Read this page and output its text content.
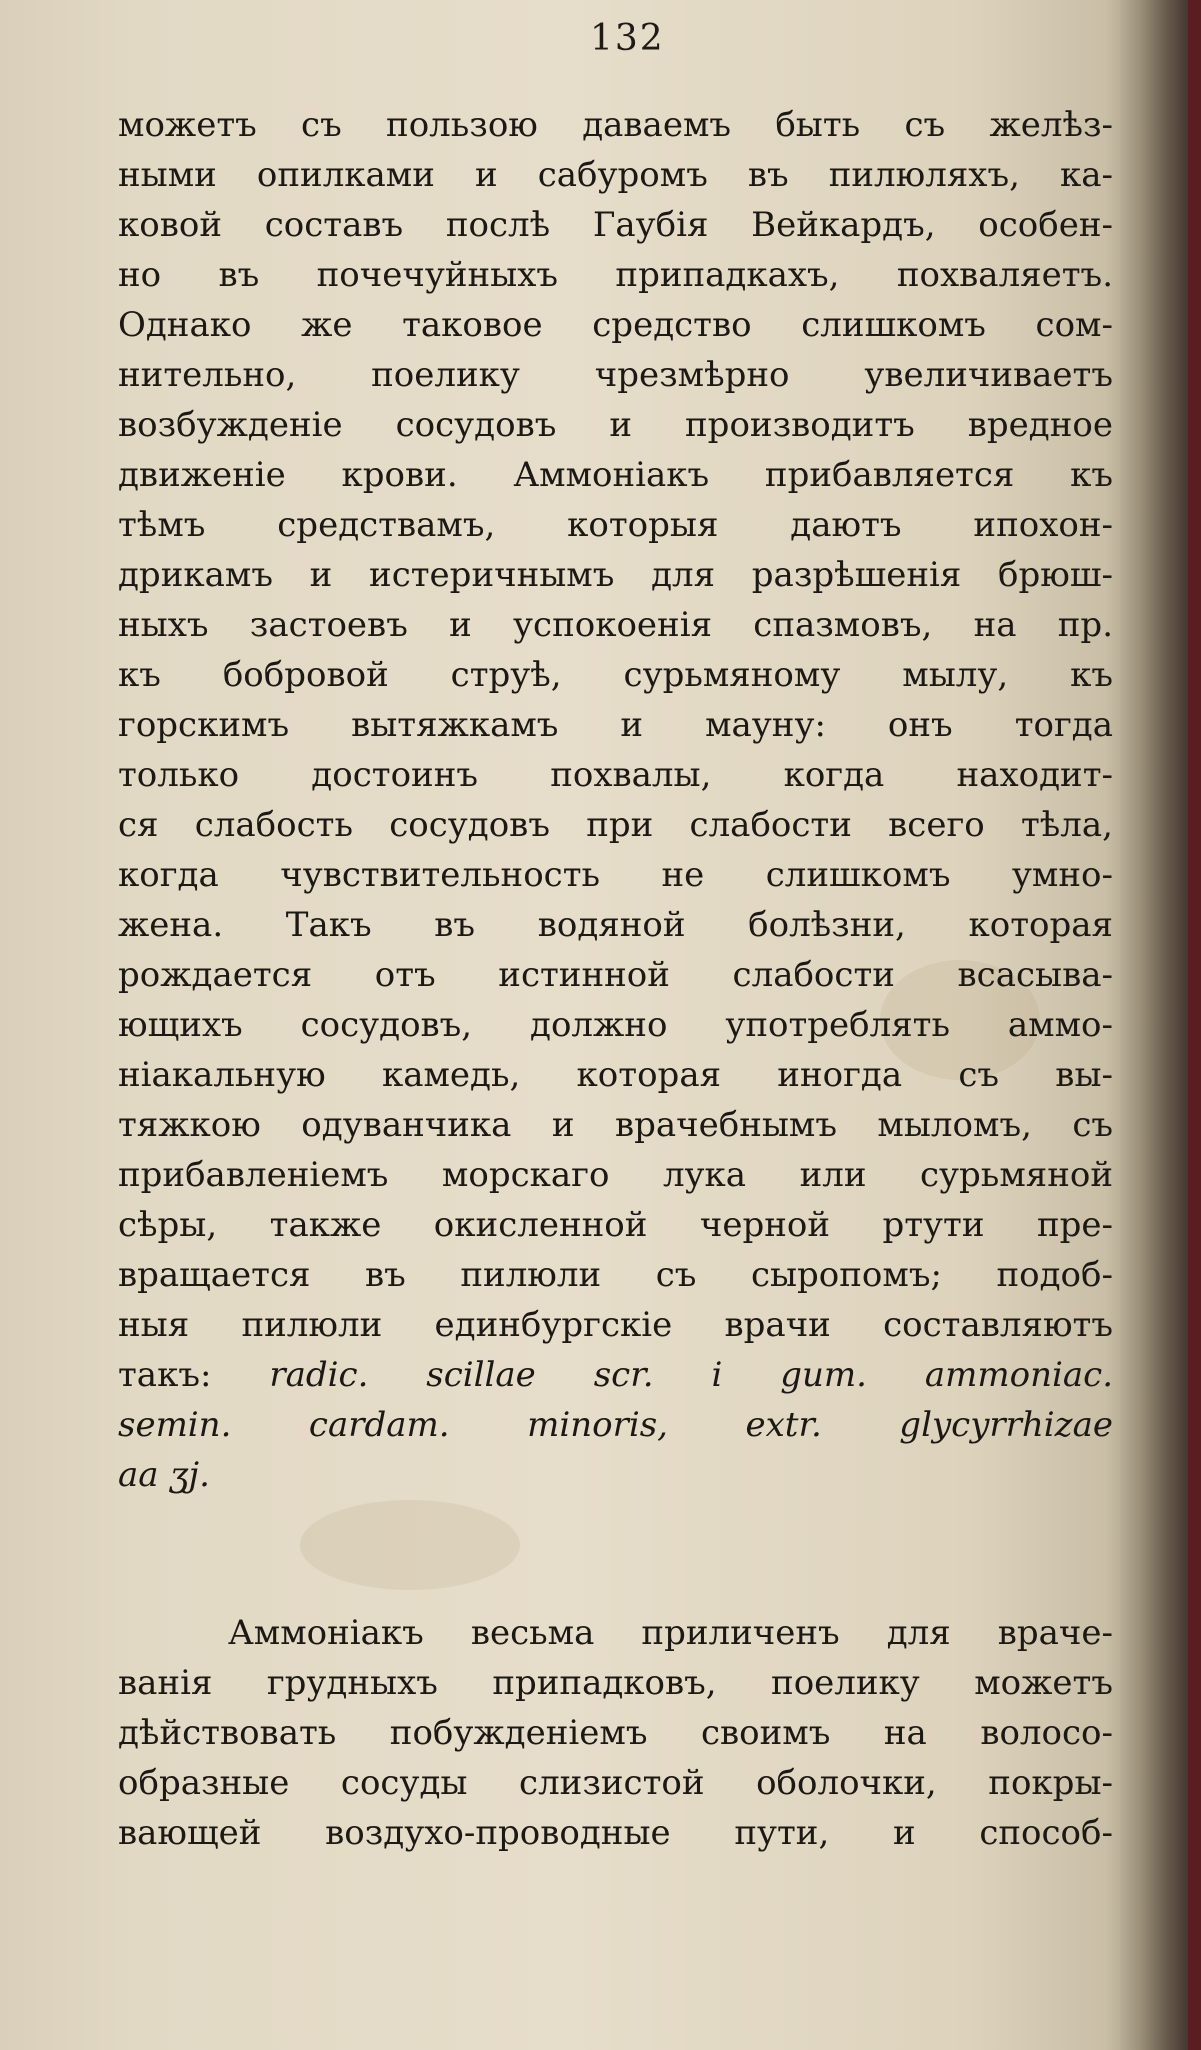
132
можетъ съ пользою даваемъ быть съ желѣз-
ными опилками и сабуромъ въ пилюляхъ, ка-
ковой составъ послѣ Гаубія Вейкардъ, особен-
но въ почечуйныхъ припадкахъ, похваляетъ.
Однако же таковое средство слишкомъ сом-
нительно, поелику чрезмѣрно увеличиваетъ
возбужденіе сосудовъ и производитъ вредное
движеніе крови. Аммоніакъ прибавляется къ
тѣмъ средствамъ, которыя даютъ ипохон-
дрикамъ и истеричнымъ для разрѣшенія брюш-
ныхъ застоевъ и успокоенія спазмовъ, на пр.
къ бобровой струѣ, сурьмяному мылу, къ
горскимъ вытяжкамъ и мауну: онъ тогда
только достоинъ похвалы, когда находит-
ся слабость сосудовъ при слабости всего тѣла,
когда чувствительность не слишкомъ умно-
жена. Такъ въ водяной болѣзни, которая
рождается отъ истинной слабости всасыва-
ющихъ сосудовъ, должно употреблять аммо-
ніакальную камедь, которая иногда съ вы-
тяжкою одуванчика и врачебнымъ мыломъ, съ
прибавленіемъ морскаго лука или сурьмяной
сѣры, также окисленной черной ртути пре-
вращается въ пилюли съ сыропомъ; подоб-
ныя пилюли единбургскіе врачи составляютъ
такъ: radic. scillae scr. i gum. ammoniac.
semin. cardam. minoris, extr. glycyrrhizae
aa ʒj.
Аммоніакъ весьма приличенъ для враче-
ванія грудныхъ припадковъ, поелику можетъ
дѣйствовать побужденіемъ своимъ на волосо-
образные сосуды слизистой оболочки, покры-
вающей воздухо-проводные пути, и способ-
